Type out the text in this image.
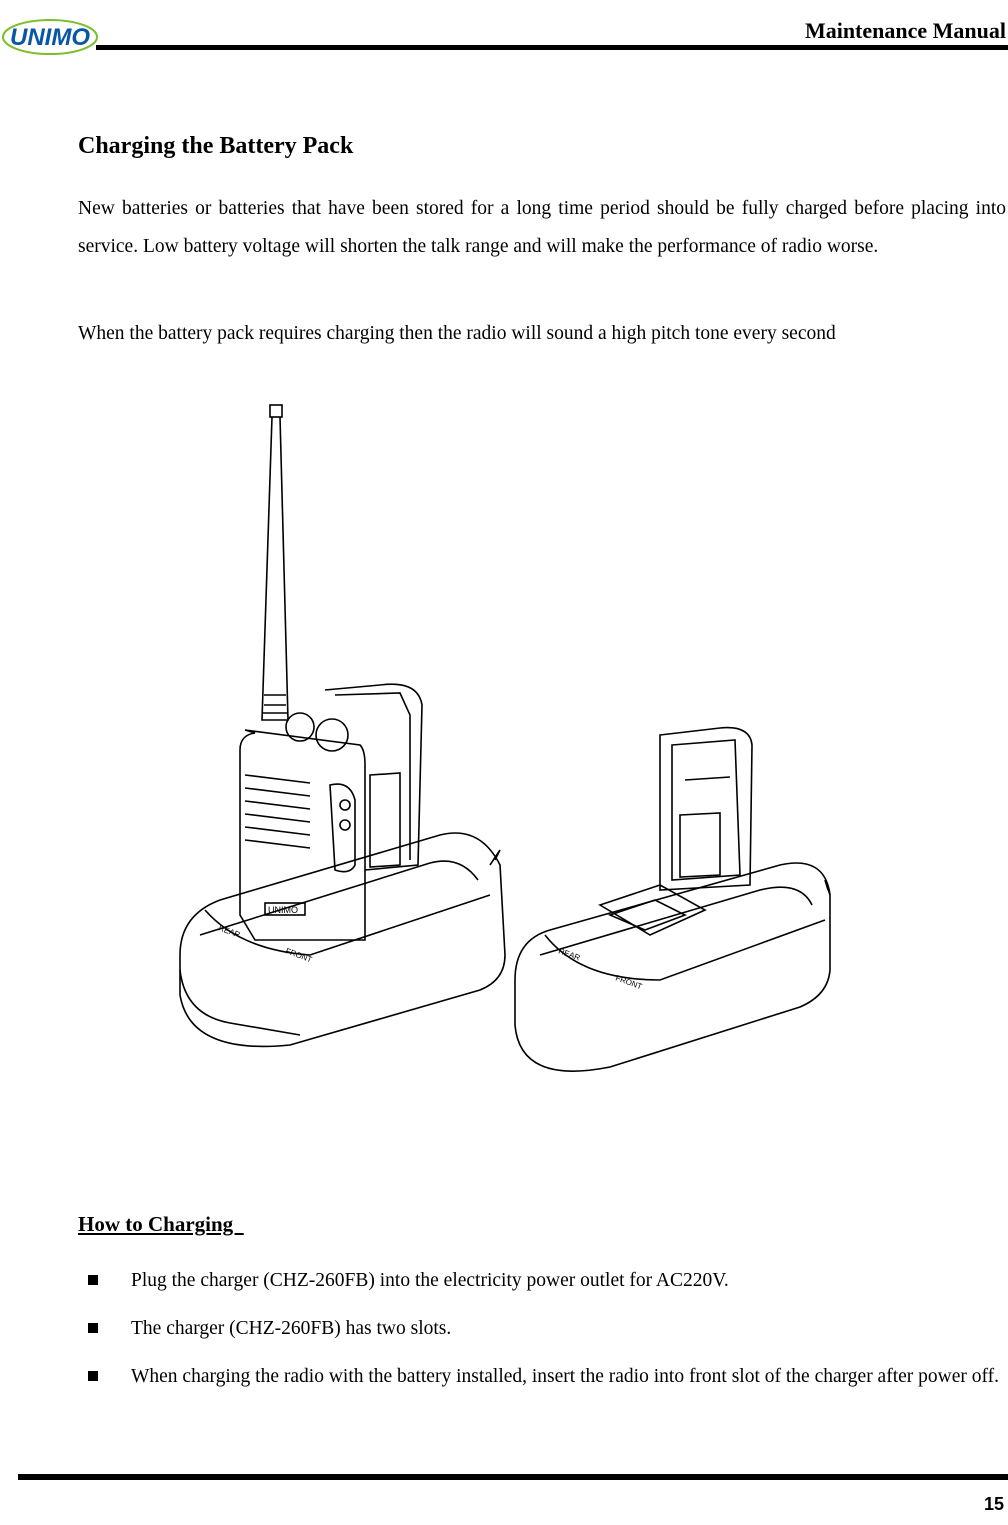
UNIMO	Maintenance Manual
Charging the Battery Pack
New batteries or batteries that have been stored for a long time period should be fully charged before placing into service. Low battery voltage will shorten the talk range and will make the performance of radio worse.
When the battery pack requires charging then the radio will sound a high pitch tone every second
REAR
FRONT
UNIMO
REAR
FRONT
How to Charging
Plug the charger (CHZ-260FB) into the electricity power outlet for AC220V.
The charger (CHZ-260FB) has two slots.
When charging the radio with the battery installed, insert the radio into front slot of the charger after power off.
15
